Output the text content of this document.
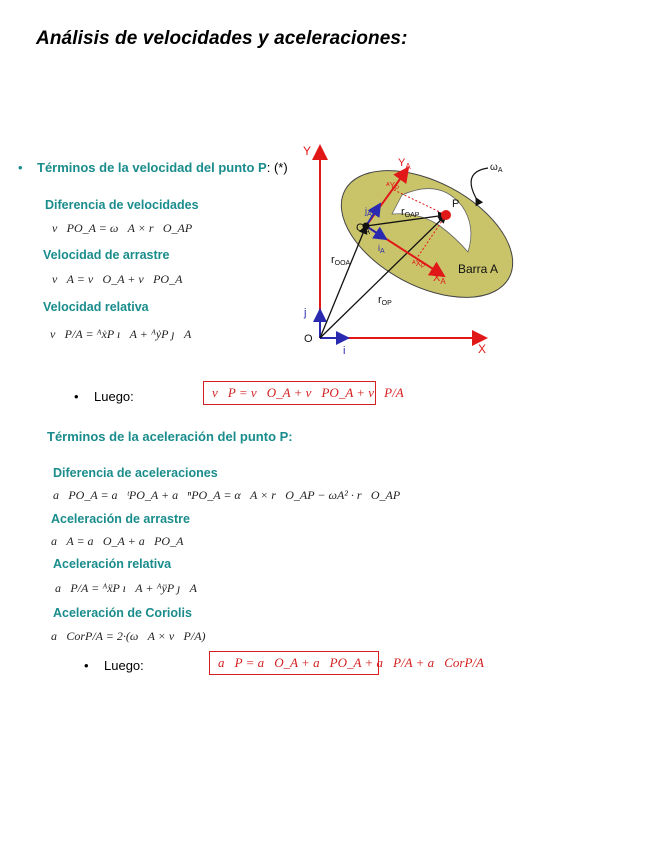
Análisis de velocidades y aceleraciones:
• Términos de la velocidad del punto P: (*)
Diferencia de velocidades
v⃗PO_A = ω⃗A × r⃗O_AP
Velocidad de arrastre
v⃗A = v⃗O_A + v⃗PO_A
Velocidad relativa
v⃗P/A = ᴬẋP ı⃗A + ᴬẏP ȷ⃗A
• Luego:	v⃗P = v⃗O_A + v⃗PO_A + v⃗P/A
Términos de la aceleración del punto P:
Diferencia de aceleraciones
a⃗PO_A = a⃗ᵗPO_A + a⃗ⁿPO_A = α⃗A × r⃗O_AP − ωA² · r⃗O_AP
Aceleración de arrastre
a⃗A = a⃗O_A + a⃗PO_A
Aceleración relativa
a⃗P/A = ᴬẍP ı⃗A + ᴬÿP ȷ⃗A
Aceleración de Coriolis
a⃗CorP/A = 2·(ω⃗A × v⃗P/A)
• Luego:	a⃗P = a⃗O_A + a⃗PO_A + a⃗P/A + a⃗CorP/A
Y
X
O
i
j
$Y_A$
$X_A$
$j_A$
$i_A$
ᴬY$_P$
ᴬX$_P$
$O_A$
P
rOAP
rOOA
rOP
Barra A
$\omega_A$
